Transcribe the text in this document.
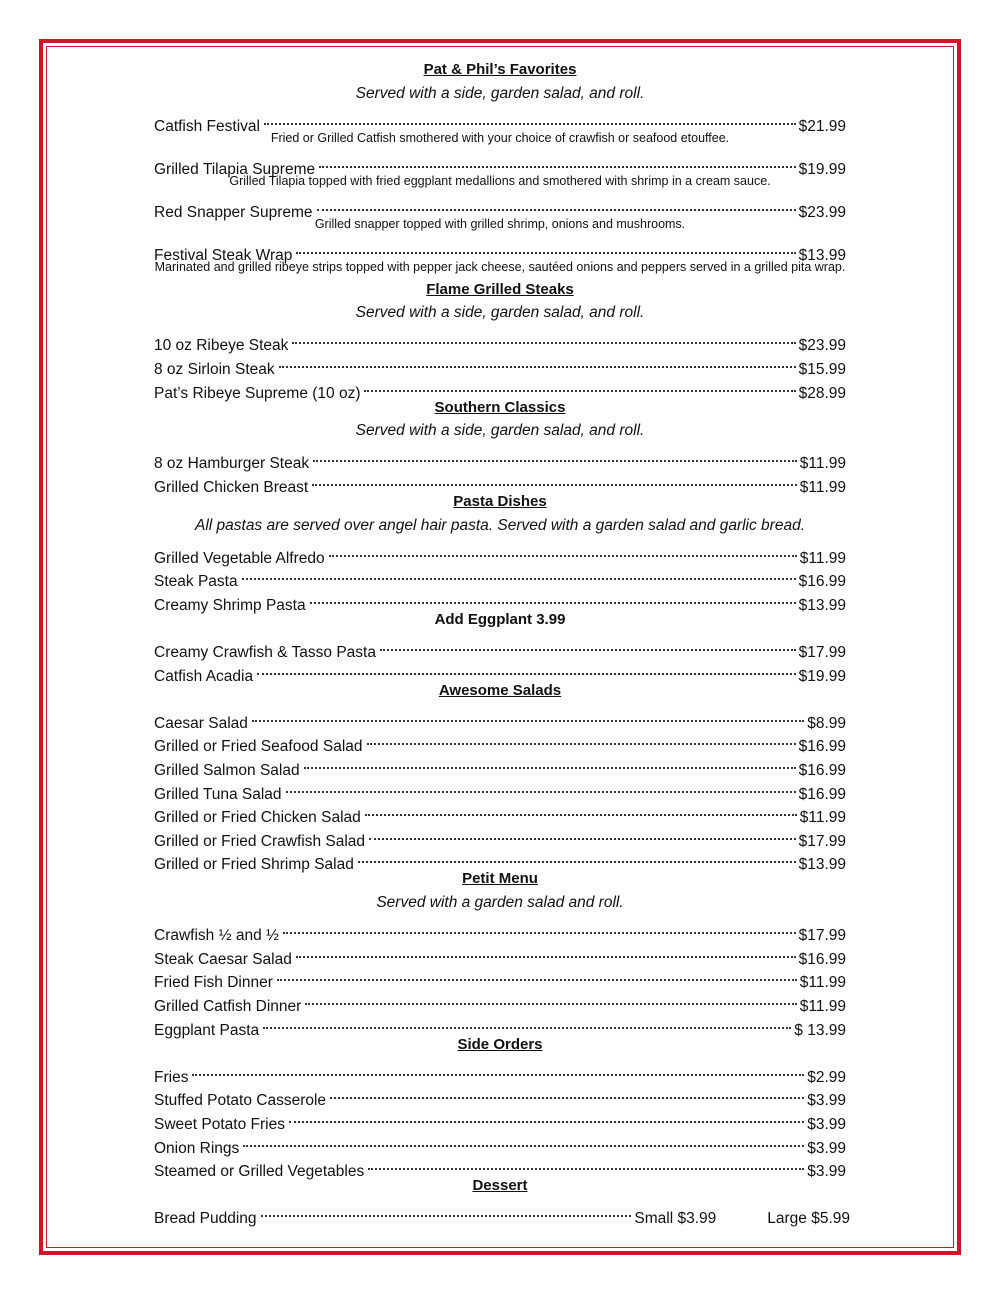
Pat & Phil’s Favorites
Served with a side, garden salad, and roll.
Catfish Festival	$21.99
Fried or Grilled Catfish smothered with your choice of crawfish or seafood etouffee.
Grilled Tilapia Supreme	$19.99
Grilled Tilapia topped with fried eggplant medallions and smothered with shrimp in a cream sauce.
Red Snapper Supreme	$23.99
Grilled snapper topped with grilled shrimp, onions and mushrooms.
Festival Steak Wrap	$13.99
Marinated and grilled ribeye strips topped with pepper jack cheese, sautéed onions and peppers served in a grilled pita wrap.
Flame Grilled Steaks
Served with a side, garden salad, and roll.
10 oz Ribeye Steak	$23.99
8 oz Sirloin Steak	$15.99
Pat’s Ribeye Supreme (10 oz)	$28.99
Southern Classics
Served with a side, garden salad, and roll.
8 oz Hamburger Steak	$11.99
Grilled Chicken Breast	$11.99
Pasta Dishes
All pastas are served over angel hair pasta. Served with a garden salad and garlic bread.
Grilled Vegetable Alfredo	$11.99
Steak Pasta	$16.99
Creamy Shrimp Pasta	$13.99
Add Eggplant 3.99
Creamy Crawfish & Tasso Pasta	$17.99
Catfish Acadia	$19.99
Awesome Salads
Caesar Salad	$8.99
Grilled or Fried Seafood Salad	$16.99
Grilled Salmon Salad	$16.99
Grilled Tuna Salad	$16.99
Grilled or Fried Chicken Salad	$11.99
Grilled or Fried Crawfish Salad	$17.99
Grilled or Fried Shrimp Salad	$13.99
Petit Menu
Served with a garden salad and roll.
Crawfish ½ and ½	$17.99
Steak Caesar Salad	$16.99
Fried Fish Dinner	$11.99
Grilled Catfish Dinner	$11.99
Eggplant Pasta	$ 13.99
Side Orders
Fries	$2.99
Stuffed Potato Casserole	$3.99
Sweet Potato Fries	$3.99
Onion Rings	$3.99
Steamed or Grilled Vegetables	$3.99
Dessert
Bread Pudding	Small $3.99	Large $5.99
